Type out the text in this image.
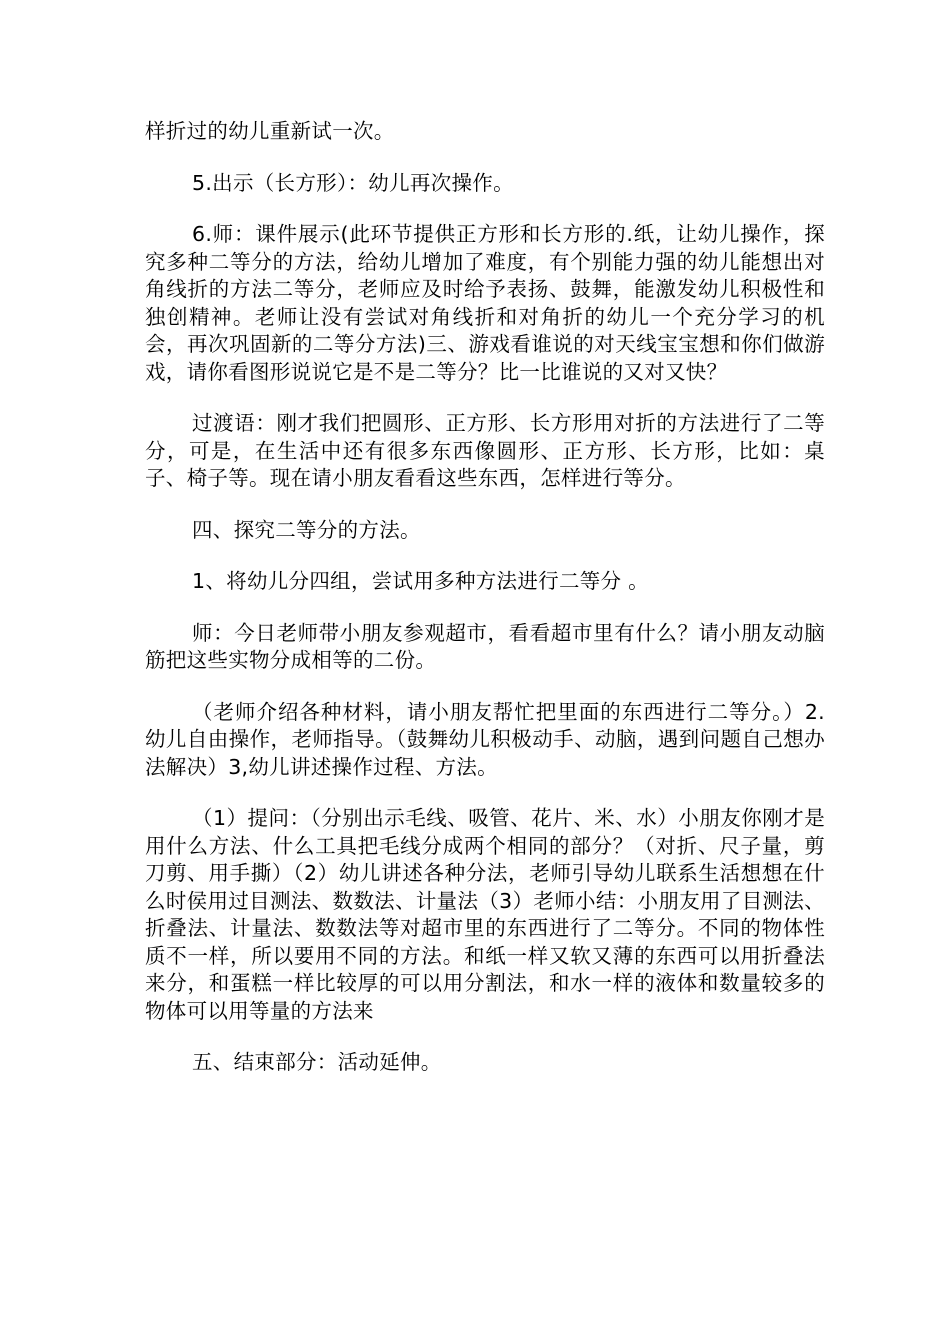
样折过的幼儿重新试一次。

5.出示（长方形）：幼儿再次操作。

6.师：课件展示(此环节提供正方形和长方形的.纸，让幼儿操作，探究多种二等分的方法，给幼儿增加了难度，有个别能力强的幼儿能想出对角线折的方法二等分，老师应及时给予表扬、鼓舞，能激发幼儿积极性和独创精神。老师让没有尝试对角线折和对角折的幼儿一个充分学习的机会，再次巩固新的二等分方法)三、游戏看谁说的对天线宝宝想和你们做游戏，请你看图形说说它是不是二等分？比一比谁说的又对又快？

过渡语：刚才我们把圆形、正方形、长方形用对折的方法进行了二等分，可是，在生活中还有很多东西像圆形、正方形、长方形，比如：桌子、椅子等。现在请小朋友看看这些东西，怎样进行等分。

四、探究二等分的方法。

1、将幼儿分四组，尝试用多种方法进行二等分 。

师：今日老师带小朋友参观超市，看看超市里有什么？请小朋友动脑筋把这些实物分成相等的二份。

（老师介绍各种材料，请小朋友帮忙把里面的东西进行二等分。）2.幼儿自由操作，老师指导。（鼓舞幼儿积极动手、动脑，遇到问题自己想办法解决）3,幼儿讲述操作过程、方法。

（1）提问：（分别出示毛线、吸管、花片、米、水）小朋友你刚才是用什么方法、什么工具把毛线分成两个相同的部分？（对折、尺子量，剪刀剪、用手撕）（2）幼儿讲述各种分法，老师引导幼儿联系生活想想在什么时侯用过目测法、数数法、计量法（3）老师小结：小朋友用了目测法、折叠法、计量法、数数法等对超市里的东西进行了二等分。不同的物体性质不一样，所以要用不同的方法。和纸一样又软又薄的东西可以用折叠法来分，和蛋糕一样比较厚的可以用分割法，和水一样的液体和数量较多的物体可以用等量的方法来

五、结束部分：活动延伸。
